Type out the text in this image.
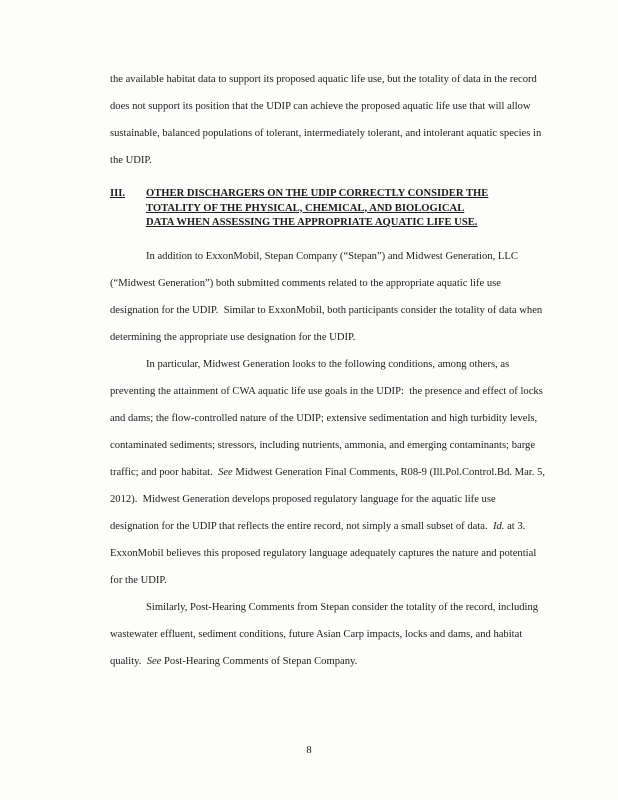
the available habitat data to support its proposed aquatic life use, but the totality of data in the record does not support its position that the UDIP can achieve the proposed aquatic life use that will allow sustainable, balanced populations of tolerant, intermediately tolerant, and intolerant aquatic species in the UDIP.

III.	OTHER DISCHARGERS ON THE UDIP CORRECTLY CONSIDER THE
TOTALITY OF THE PHYSICAL, CHEMICAL, AND BIOLOGICAL
DATA WHEN ASSESSING THE APPROPRIATE AQUATIC LIFE USE.

In addition to ExxonMobil, Stepan Company (“Stepan”) and Midwest Generation, LLC (“Midwest Generation”) both submitted comments related to the appropriate aquatic life use designation for the UDIP.  Similar to ExxonMobil, both participants consider the totality of data when determining the appropriate use designation for the UDIP.

In particular, Midwest Generation looks to the following conditions, among others, as preventing the attainment of CWA aquatic life use goals in the UDIP:  the presence and effect of locks and dams; the flow-controlled nature of the UDIP; extensive sedimentation and high turbidity levels, contaminated sediments; stressors, including nutrients, ammonia, and emerging contaminants; barge traffic; and poor habitat.  See Midwest Generation Final Comments, R08-9 (Ill.Pol.Control.Bd. Mar. 5, 2012).  Midwest Generation develops proposed regulatory language for the aquatic life use designation for the UDIP that reflects the entire record, not simply a small subset of data.  Id. at 3.  ExxonMobil believes this proposed regulatory language adequately captures the nature and potential for the UDIP.

Similarly, Post-Hearing Comments from Stepan consider the totality of the record, including wastewater effluent, sediment conditions, future Asian Carp impacts, locks and dams, and habitat quality.  See Post-Hearing Comments of Stepan Company.

8
